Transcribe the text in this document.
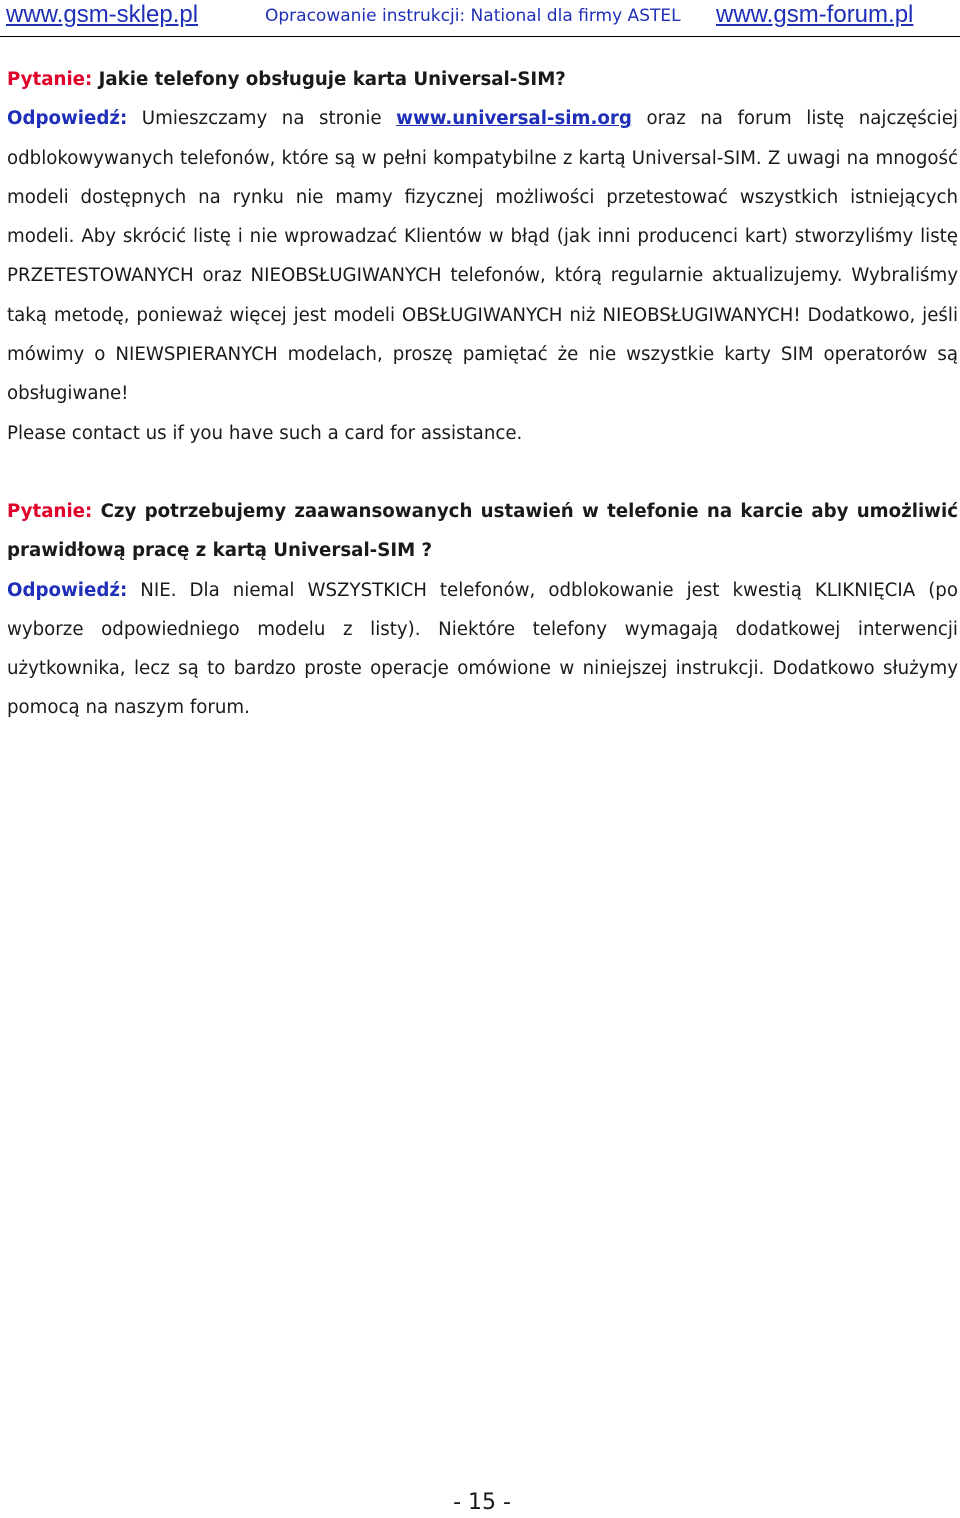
www.gsm-sklep.pl	Opracowanie instrukcji: National dla firmy ASTEL www.gsm-forum.pl
Pytanie: Jakie telefony obsługuje karta Universal-SIM?
Odpowiedź: Umieszczamy na stronie www.universal-sim.org oraz na forum listę najczęściej odblokowywanych telefonów, które są w pełni kompatybilne z kartą Universal-SIM. Z uwagi na mnogość modeli dostępnych na rynku nie mamy fizycznej możliwości przetestować wszystkich istniejących modeli. Aby skrócić listę i nie wprowadzać Klientów w błąd (jak inni producenci kart) stworzyliśmy listę PRZETESTOWANYCH oraz NIEOBSŁUGIWANYCH telefonów, którą regularnie aktualizujemy. Wybraliśmy taką metodę, ponieważ więcej jest modeli OBSŁUGIWANYCH niż NIEOBSŁUGIWANYCH! Dodatkowo, jeśli mówimy o NIEWSPIERANYCH modelach, proszę pamiętać że nie wszystkie karty SIM operatorów są obsługiwane!
Please contact us if you have such a card for assistance.
Pytanie: Czy potrzebujemy zaawansowanych ustawień w telefonie na karcie aby umożliwić prawidłową pracę z kartą Universal-SIM ?
Odpowiedź: NIE. Dla niemal WSZYSTKICH telefonów, odblokowanie jest kwestią KLIKNIĘCIA (po wyborze odpowiedniego modelu z listy). Niektóre telefony wymagają dodatkowej interwencji użytkownika, lecz są to bardzo proste operacje omówione w niniejszej instrukcji. Dodatkowo służymy pomocą na naszym forum.
- 15 -
